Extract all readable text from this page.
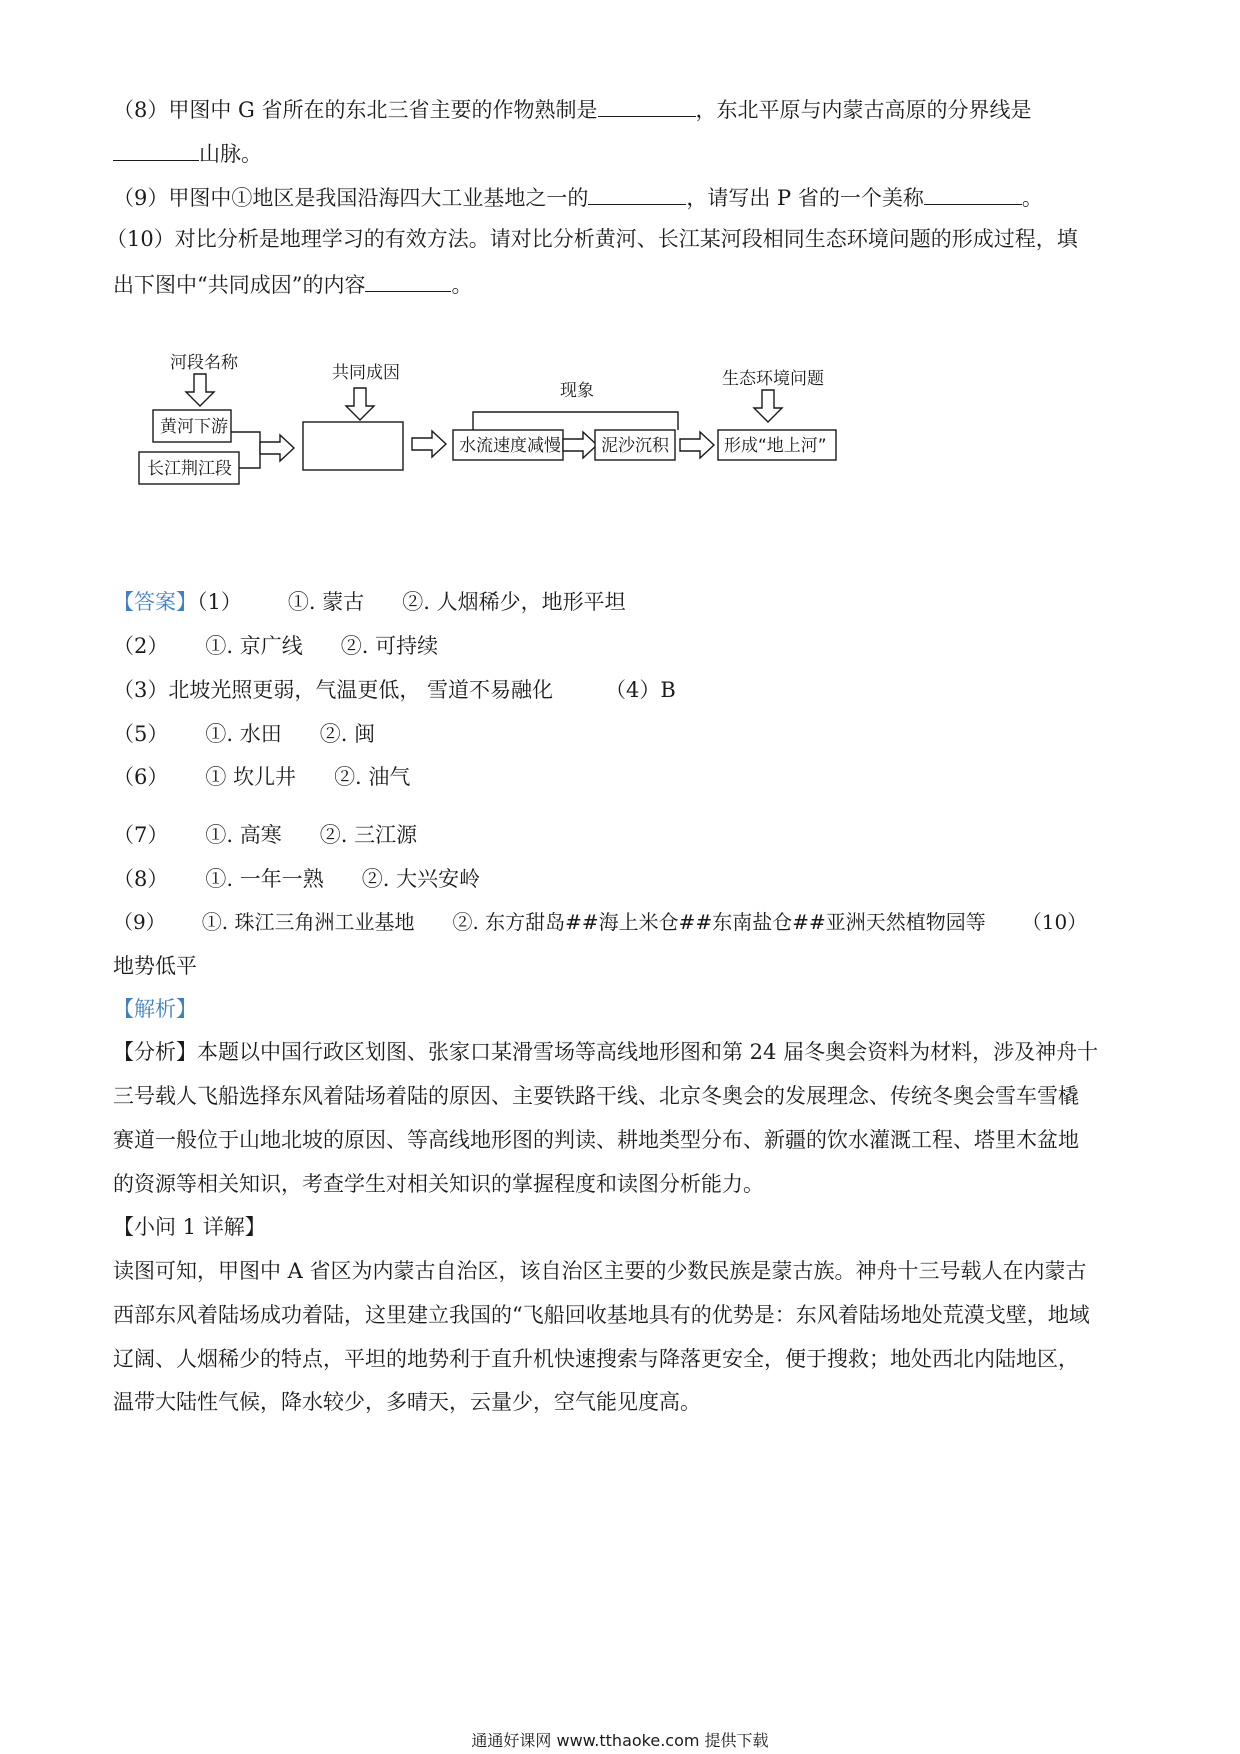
（8）甲图中 G 省所在的东北三省主要的作物熟制是	，东北平原与内蒙古高原的分界线是
山脉。
（9）甲图中①地区是我国沿海四大工业基地之一的	，请写出 P 省的一个美称	。
（10）对比分析是地理学习的有效方法。请对比分析黄河、长江某河段相同生态环境问题的形成过程，填
出下图中“共同成因”的内容	。
河段名称
黄河下游
长江荆江段
共同成因
现象
水流速度减慢 泥沙沉积
生态环境问题
形成“地上河”
【答案】（1） ①. 蒙古 ②. 人烟稀少，地形平坦
（2） ①. 京广线 ②. 可持续
（3）北坡光照更弱，气温更低， 雪道不易融化 （4）B
（5） ①. 水田 ②. 闽
（6） ① 坎儿井 ②. 油气
（7） ①. 高寒 ②. 三江源
（8） ①. 一年一熟 ②. 大兴安岭
（9） ①. 珠江三角洲工业基地 ②. 东方甜岛##海上米仓##东南盐仓##亚洲天然植物园等 （10）
地势低平
【解析】
【分析】本题以中国行政区划图、张家口某滑雪场等高线地形图和第 24 届冬奥会资料为材料，涉及神舟十
三号载人飞船选择东风着陆场着陆的原因、主要铁路干线、北京冬奥会的发展理念、传统冬奥会雪车雪橇
赛道一般位于山地北坡的原因、等高线地形图的判读、耕地类型分布、新疆的饮水灌溉工程、塔里木盆地
的资源等相关知识，考查学生对相关知识的掌握程度和读图分析能力。
【小问 1 详解】
读图可知，甲图中 A 省区为内蒙古自治区，该自治区主要的少数民族是蒙古族。神舟十三号载人在内蒙古
西部东风着陆场成功着陆，这里建立我国的“飞船回收基地具有的优势是：东风着陆场地处荒漠戈壁，地域
辽阔、人烟稀少的特点，平坦的地势利于直升机快速搜索与降落更安全，便于搜救；地处西北内陆地区，
温带大陆性气候，降水较少，多晴天，云量少，空气能见度高。
通通好课网 www.tthaoke.com 提供下载
